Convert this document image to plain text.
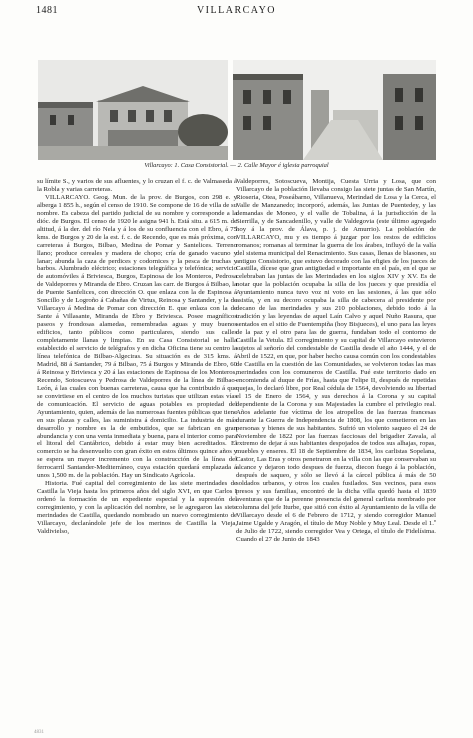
1481	VILLARCAYO
Villarcayo: 1. Casa Consistorial. — 2. Calle Mayor é iglesia parroquial

su límite S., y varios de sus afluentes, y lo cruzan el f. c. de Valmaseda á la Robla y varias carreteras.

VILLARCAYO. Geog. Mun. de la prov. de Burgos, con 298 e. y alberga 1 855 h., según el censo de 1910. Se compone de 16 de villa de su nombre. Es cabeza del partido judicial de su nombre y corresponde a la dióc. de Burgos. El censo de 1920 le asigna 941 h. Está situ. a 615 m. de altitud, á la der. del río Nela y á los de su confluencia con el Ebro, á 75 kms. de Burgos y 20 de la est. f. c. de Recendo, que es más próxima, con carreteras á Burgos, Bilbao, Medina de Pomar y Santelices. Terreno llano; produce cereales y madera de chopo; cría de ganado vacuno y lanar; abunda la caza de perdices y codornices y la pesca de truchas y barbos. Alumbrado eléctrico; estaciones telegráfica y telefónica; servicio de automóviles á Briviesca, Burgos, Espinosa de los Monteros, Pedrosa de Valdeporres y Miranda de Ebro. Cruzan las carr. de Burgos á Bilbao, la de Puente Sanfelices, con dirección O. que enlaza con la de Espinosa á Soncillo y de Logroño á Cabañas de Virtus, Reinosa y Santander, y la de Villarcayo á Medina de Pomar con dirección E. que enlaza con la de Sante á Villasante, Miranda de Ebro y Briviesca. Posee magníficos paseos y frondosas alamedas, remembradas aguas y muy buenos edificios, tanto públicos como particulares, siendo sus calles completamente llanas y limpias. En su Casa Consistorial se halla establecido el servicio de telégrafos y en dicha Oficina tiene su centro la línea telefónica de Bilbao-Algeciras. Su situación es de 315 kms. á Madrid, 88 á Santander, 79 á Bilbao, 75 á Burgos y Miranda de Ebro, 60 á Reinosa y Briviesca y 20 á las estaciones de Espinosa de los Monteros, Recendo, Sotoscueva y Pedrosa de Valdeporres de la línea de Bilbao-León, á las cuales con buenas carreteras, causa que ha contribuido á que se convirtiese en el centro de los muchos turistas que utilizan estas vías de comunicación. El servicio de aguas potables es propiedad del Ayuntamiento, quien, además de las numerosas fuentes públicas que tiene en sus plazas y calles, las suministra á domicilio. La industria de más desarrollo y nombre es la de embutidos, que se fabrican en gran abundancia y con una venta inmediata y buena, para el interior como para el litoral del Cantábrico, debido á estar muy bien acreditados. El comercio se ha desenvuelto con gran éxito en estos últimos quince años y se espera un mayor incremento con la construcción de la línea del ferrocarril Santander-Mediterráneo, cuya estación quedará emplazada á unos 1,500 m. de la población. Hay un Sindicato Agrícola.

Historia. Fué capital del corregimiento de las siete merindades de Castilla la Vieja hasta los primeros años del siglo XVI, en que Carlos I ordenó la formación de un expediente especial y la supresión del corregimiento, y con la aplicación del nombre, se le agregaron las siete merindades de Castilla, quedando nombrado un nuevo corregimiento de Villarcayo, declarándole jefe de los merinos de Castilla la Vieja, Valdivielso,

Valdeporres, Sotoscueva, Montija, Cuesta Urria y Losa, que con Villarcayo de la población llevaba consigo las siete juntas de San Martín, Rioseria, Otea, Poseábarno, Villanueva, Merindad de Losa y la Cerca, el Valle de Manzanedo; incorporó, además, las Juntas de Puentedey, y las demandas de Moneo, y el valle de Tobalina, á la jurisdicción de la Sierrilla, y de Sancadenillo, y valle de Valdegovia (este último agregado hoy á la prov. de Álava, p. j. de Amurrio). La población de VILLARCAYO, mu y es tiempo á juzgar por los restos de edificios romanos; romanas al terminar la guerra de los árabes, influyó de la valía del sistema municipal del Renacimiento. Sus casas, llenas de blasones, su antiguo Consistorio, que estuvo decorado con las efigies de los jueces de Castilla, dícese que gran antigüedad e importante en el país, en el que se celebraban las juntas de las Merindades en los siglos XIV y XV. Es de notar que la población ocupaba la silla de los jueces y que presidía el Ayuntamiento nunca tuvo voz ni voto en las sesiones, á las que sólo asistía, y en su decoro ocupaba la silla de cabecera al presidente por decano de las merindades y sus 210 poblaciones, debido todo á la tradición y las leyendas de aquel Laín Calvo y aquel Nuño Rasura, que sentados en el sitio de Fuentempiña (hoy Bisjueces), el uno para las leyes de la paz y el otro para las de guerra, fundaban todo el contorno de Castilla la Vetula. El corregimiento y su capital de Villarcayo estuvieron sujetos al señorío del condestable de Castilla desde el año 1444, y el de Abril de 1522, en que, por haber hecho causa común con los condestables de Castilla en la cuestión de las Comunidades, se volvieron todas las mas merindades con los comuneros de Castilla. Fué este territorio dado en encomienda al duque de Frías, hasta que Felipe II, después de repetidas quejas, lo declaró libre, por Real cédula de 1564, devolviendo su libertad el 15 de Enero de 1564, y sus derechos á la Corona y su capital dependiente de la Corona y sus Majestades la cumbre el privilegio real. Años adelante fue víctima de los atropellos de las fuerzas francesas durante la Guerra de Independencia de 1808, los que cometieron en las personas y bienes de sus habitantes. Sufrió un violento saqueo el 24 de Noviembre de 1822 por las fuerzas facciosas del brigadier Zavala, al extremo de dejar á sus habitantes despojados de todos sus alhajas, ropas, muebles y enseres. El 18 de Septiembre de 1834, los carlistas Sopelana, Castor, Las Eras y otros penetraron en la villa con las que conservaban su alcance y dejaron todo despues de fuerza, diecon fuego á la población, después de saqueo, y sólo se llevó á la cárcel pública á más de 50 soldados urbanos, y otros los cuales fusilados. Sus vecinos, para esos presos y sus familias, encontró de la dicha villa quedó hasta el 1839 aventuras que de la perenne presencia del general carlista nombrado por columna del jefe Iturbe, que sitió con éxito al Ayuntamiento de la villa de Villarcayo desde el 6 de Febrero de 1712, y siendo corregidor Manuel Jaime Ugalde y Aragón, el título de Muy Noble y Muy Leal. Desde el 1.º de Julio de 1722, siendo corregidor Vea y Ortega, el título de Fidelísima. Cuando el 27 de Junio de 1843

4831
